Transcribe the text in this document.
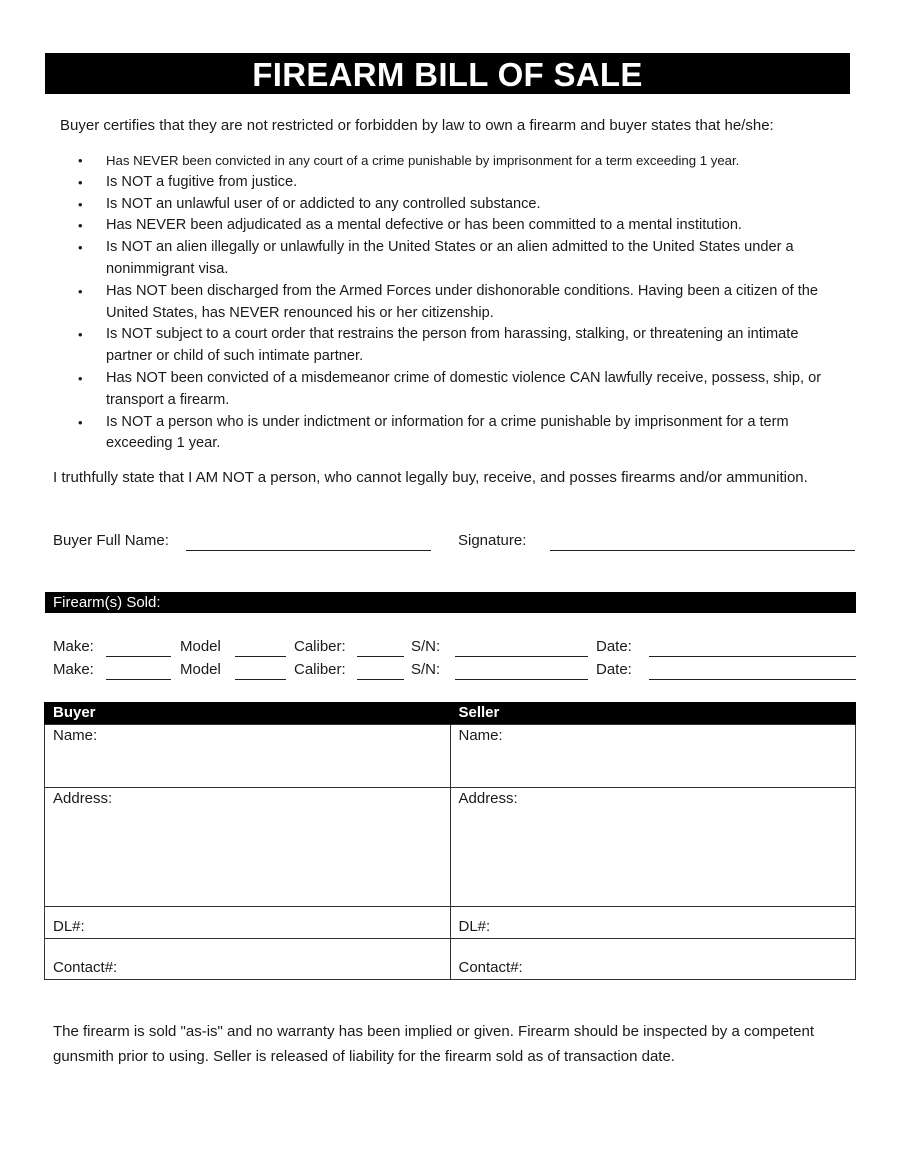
FIREARM BILL OF SALE
Buyer certifies that they are not restricted or forbidden by law to own a firearm and buyer states that he/she:
• Has NEVER been convicted in any court of a crime punishable by imprisonment for a term exceeding 1 year.
• Is NOT a fugitive from justice.
• Is NOT an unlawful user of or addicted to any controlled substance.
• Has NEVER been adjudicated as a mental defective or has been committed to a mental institution.
• Is NOT an alien illegally or unlawfully in the United States or an alien admitted to the United States under a nonimmigrant visa.
• Has NOT been discharged from the Armed Forces under dishonorable conditions. Having been a citizen of the United States, has NEVER renounced his or her citizenship.
• Is NOT subject to a court order that restrains the person from harassing, stalking, or threatening an intimate partner or child of such intimate partner.
• Has NOT been convicted of a misdemeanor crime of domestic violence CAN lawfully receive, possess, ship, or transport a firearm.
• Is NOT a person who is under indictment or information for a crime punishable by imprisonment for a term exceeding 1 year.
I truthfully state that I AM NOT a person, who cannot legally buy, receive, and posses firearms and/or ammunition.
Buyer Full Name:	Signature:
Firearm(s) Sold:
Make:	Model	Caliber:	S/N:	Date:
Make:	Model	Caliber:	S/N:	Date:
Buyer	Seller
Name:	Name:
Address:	Address:
DL#:	DL#:
Contact#:	Contact#:
The firearm is sold "as-is" and no warranty has been implied or given. Firearm should be inspected by a competent gunsmith prior to using. Seller is released of liability for the firearm sold as of transaction date.
